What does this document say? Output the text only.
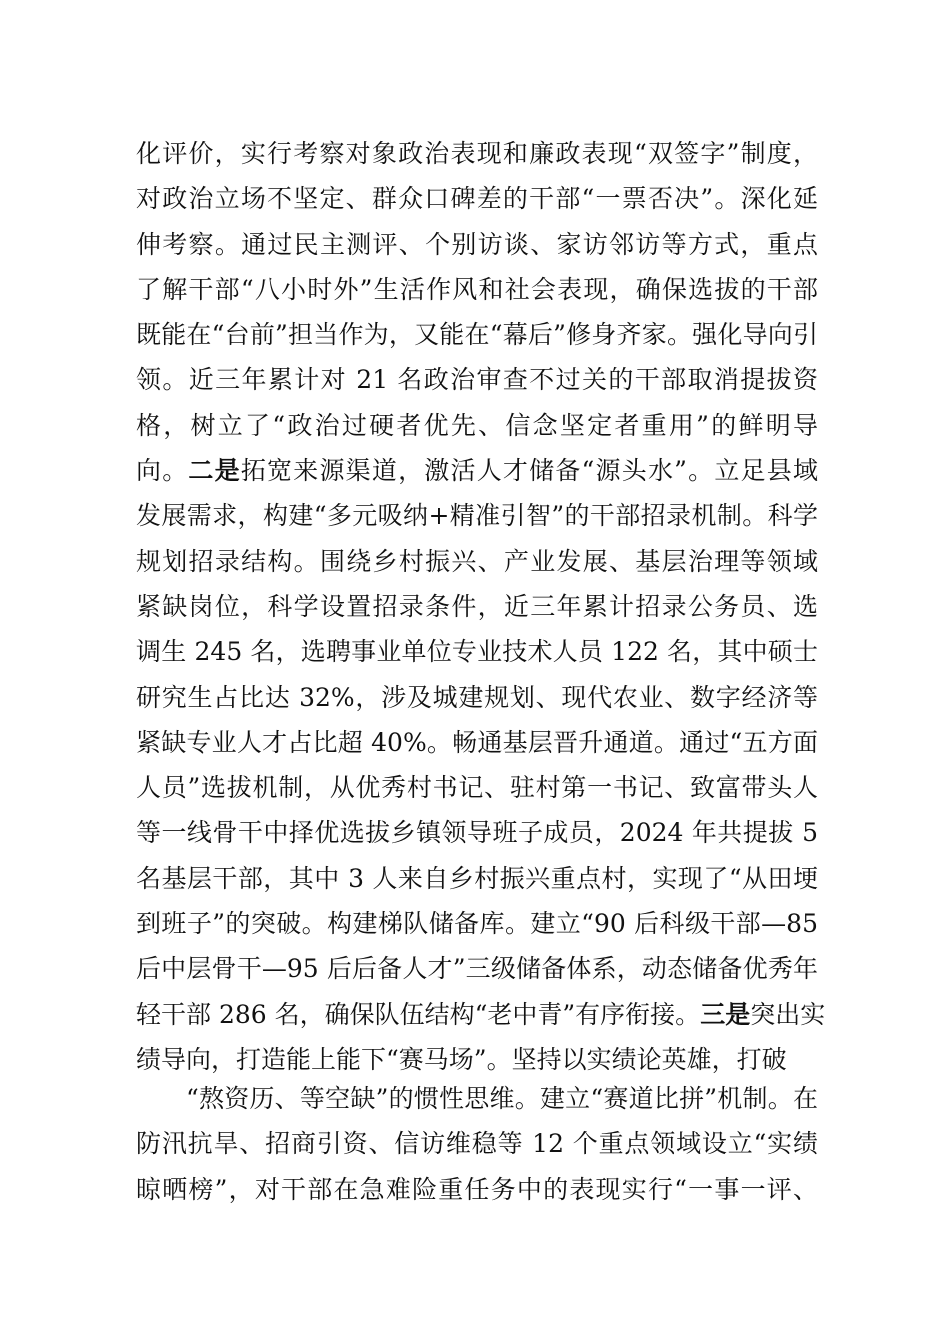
化评价，实行考察对象政治表现和廉政表现“双签字”制度，
对政治立场不坚定、群众口碑差的干部“一票否决”。深化延
伸考察。通过民主测评、个别访谈、家访邻访等方式，重点
了解干部“八小时外”生活作风和社会表现，确保选拔的干部
既能在“台前”担当作为，又能在“幕后”修身齐家。强化导向引
领。近三年累计对 21 名政治审查不过关的干部取消提拔资
格，树立了“政治过硬者优先、信念坚定者重用”的鲜明导
向。二是拓宽来源渠道，激活人才储备“源头水”。立足县域
发展需求，构建“多元吸纳+精准引智”的干部招录机制。科学
规划招录结构。围绕乡村振兴、产业发展、基层治理等领域
紧缺岗位，科学设置招录条件，近三年累计招录公务员、选
调生 245 名，选聘事业单位专业技术人员 122 名，其中硕士
研究生占比达 32%，涉及城建规划、现代农业、数字经济等
紧缺专业人才占比超 40%。畅通基层晋升通道。通过“五方面
人员”选拔机制，从优秀村书记、驻村第一书记、致富带头人
等一线骨干中择优选拔乡镇领导班子成员，2024 年共提拔 5
名基层干部，其中 3 人来自乡村振兴重点村，实现了“从田埂
到班子”的突破。构建梯队储备库。建立“90 后科级干部—85
后中层骨干—95 后后备人才”三级储备体系，动态储备优秀年
轻干部 286 名，确保队伍结构“老中青”有序衔接。三是突出实
绩导向，打造能上能下“赛马场”。坚持以实绩论英雄，打破
“熬资历、等空缺”的惯性思维。建立“赛道比拼”机制。在
防汛抗旱、招商引资、信访维稳等 12 个重点领域设立“实绩
晾晒榜”，对干部在急难险重任务中的表现实行“一事一评、
